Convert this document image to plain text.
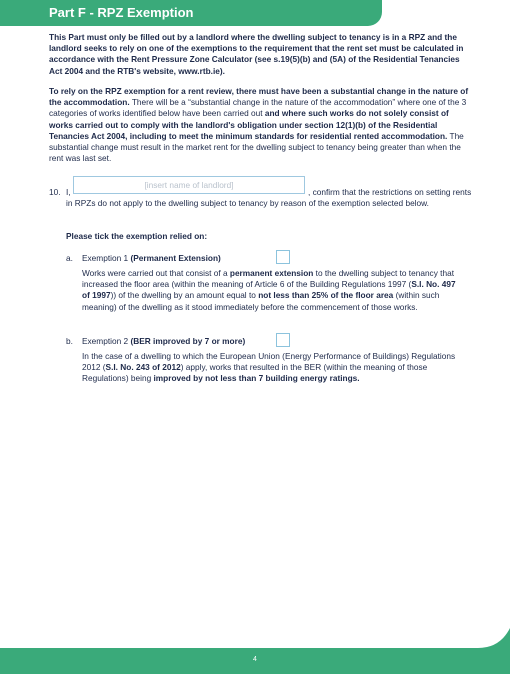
Part F - RPZ Exemption

This Part must only be filled out by a landlord where the dwelling subject to tenancy is in a RPZ and the landlord seeks to rely on one of the exemptions to the requirement that the rent set must be calculated in accordance with the Rent Pressure Zone Calculator (see s.19(5)(b) and (5A) of the Residential Tenancies Act 2004 and the RTB's website, www.rtb.ie).

To rely on the RPZ exemption for a rent review, there must have been a substantial change in the nature of the accommodation. There will be a “substantial change in the nature of the accommodation” where one of the 3 categories of works identified below have been carried out and where such works do not solely consist of works carried out to comply with the landlord's obligation under section 12(1)(b) of the Residential Tenancies Act 2004, including to meet the minimum standards for residential rented accommodation. The substantial change must result in the market rent for the dwelling subject to tenancy being greater than when the rent was last set.

10. I,
[insert name of landlord]	, confirm that the restrictions on setting rents
in RPZs do not apply to the dwelling subject to tenancy by reason of the exemption selected below.
Please tick the exemption relied on:
a. Exemption 1 (Permanent Extension)

Works were carried out that consist of a permanent extension to the dwelling subject to tenancy that increased the floor area (within the meaning of Article 6 of the Building Regulations 1997 (S.I. No. 497 of 1997)) of the dwelling by an amount equal to not less than 25% of the floor area (within such meaning) of the dwelling as it stood immediately before the commencement of those works.

b. Exemption 2 (BER improved by 7 or more)

In the case of a dwelling to which the European Union (Energy Performance of Buildings) Regulations 2012 (S.I. No. 243 of 2012) apply, works that resulted in the BER (within the meaning of those Regulations) being improved by not less than 7 building energy ratings.

4
